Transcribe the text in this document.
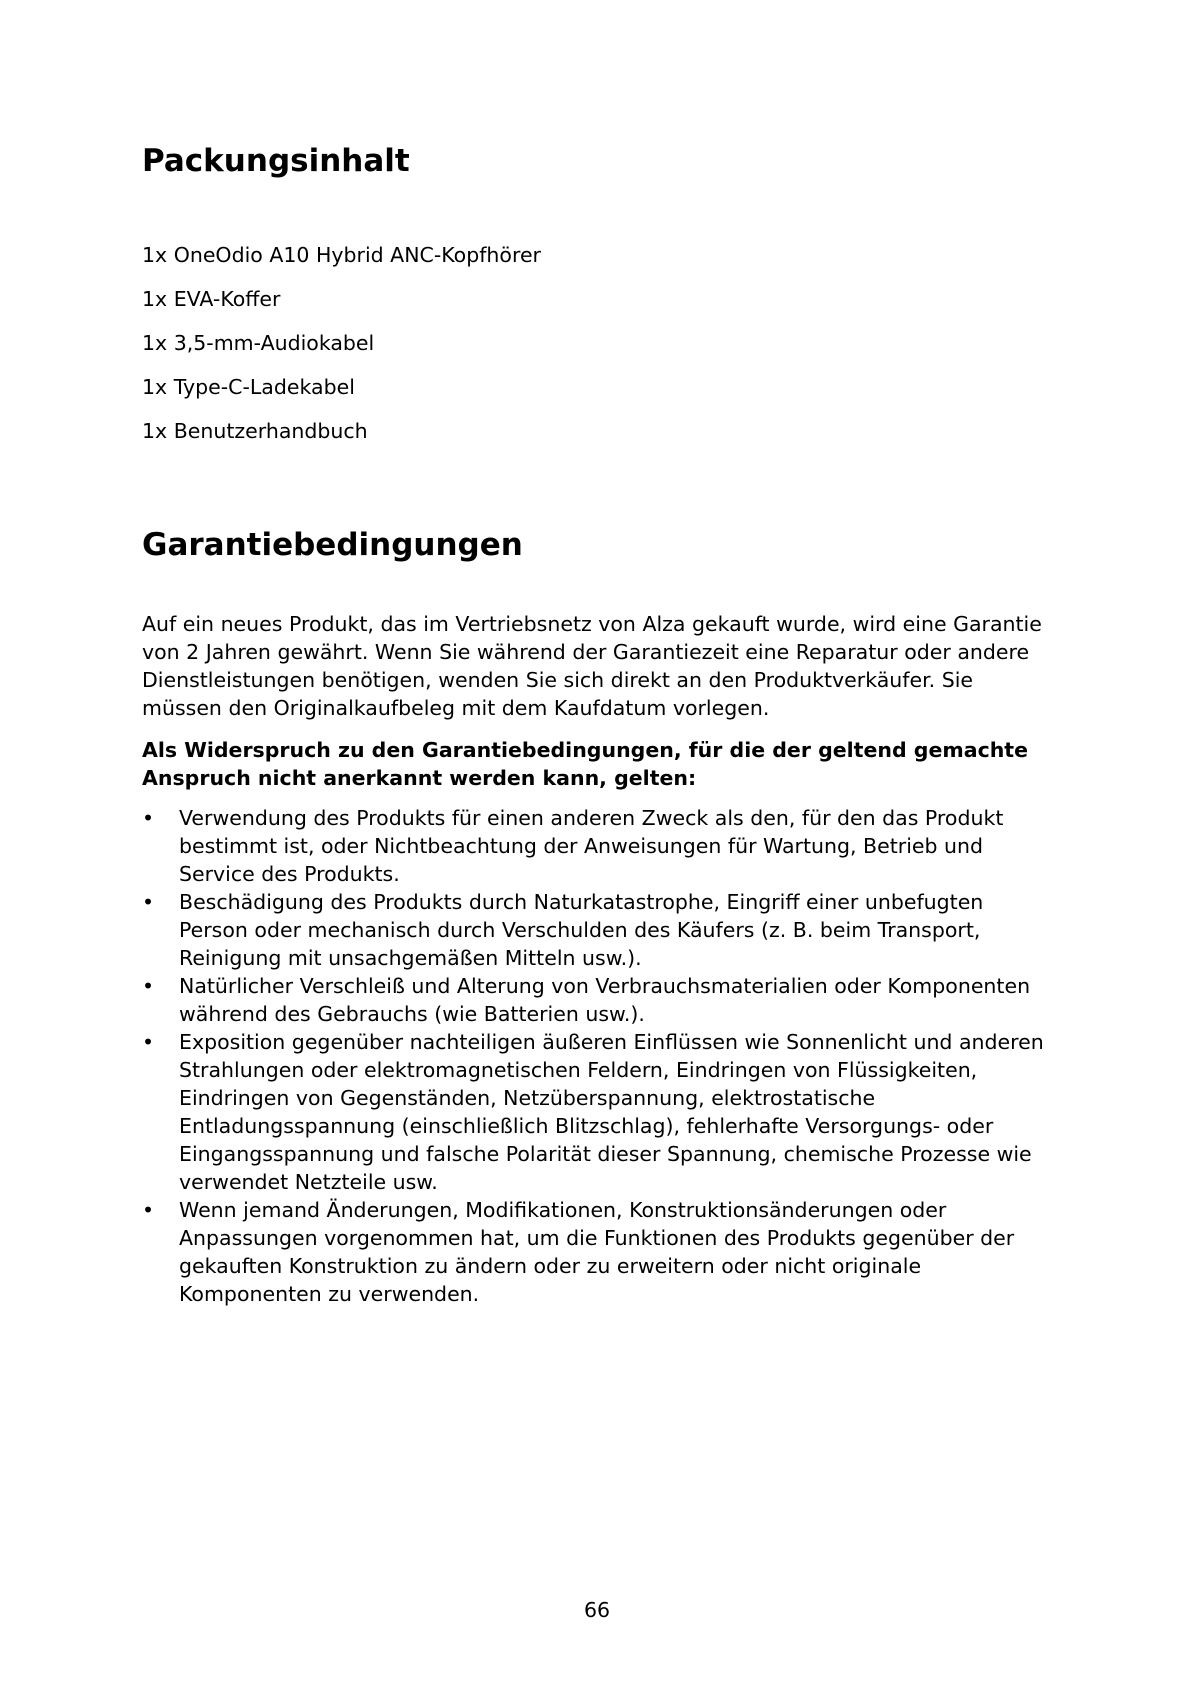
Packungsinhalt
1x OneOdio A10 Hybrid ANC-Kopfhörer
1x EVA-Koffer
1x 3,5-mm-Audiokabel
1x Type-C-Ladekabel
1x Benutzerhandbuch
Garantiebedingungen

Auf ein neues Produkt, das im Vertriebsnetz von Alza gekauft wurde, wird eine Garantie von 2 Jahren gewährt. Wenn Sie während der Garantiezeit eine Reparatur oder andere Dienstleistungen benötigen, wenden Sie sich direkt an den Produktverkäufer. Sie müssen den Originalkaufbeleg mit dem Kaufdatum vorlegen.

Als Widerspruch zu den Garantiebedingungen, für die der geltend gemachte Anspruch nicht anerkannt werden kann, gelten:

•	Verwendung des Produkts für einen anderen Zweck als den, für den das Produkt bestimmt ist, oder Nichtbeachtung der Anweisungen für Wartung, Betrieb und Service des Produkts.
•	Beschädigung des Produkts durch Naturkatastrophe, Eingriff einer unbefugten Person oder mechanisch durch Verschulden des Käufers (z. B. beim Transport, Reinigung mit unsachgemäßen Mitteln usw.).
•	Natürlicher Verschleiß und Alterung von Verbrauchsmaterialien oder Komponenten während des Gebrauchs (wie Batterien usw.).
•	Exposition gegenüber nachteiligen äußeren Einflüssen wie Sonnenlicht und anderen Strahlungen oder elektromagnetischen Feldern, Eindringen von Flüssigkeiten, Eindringen von Gegenständen, Netzüberspannung, elektrostatische Entladungsspannung (einschließlich Blitzschlag), fehlerhafte Versorgungs- oder Eingangsspannung und falsche Polarität dieser Spannung, chemische Prozesse wie verwendet Netzteile usw.
•	Wenn jemand Änderungen, Modifikationen, Konstruktionsänderungen oder Anpassungen vorgenommen hat, um die Funktionen des Produkts gegenüber der gekauften Konstruktion zu ändern oder zu erweitern oder nicht originale Komponenten zu verwenden.
66
